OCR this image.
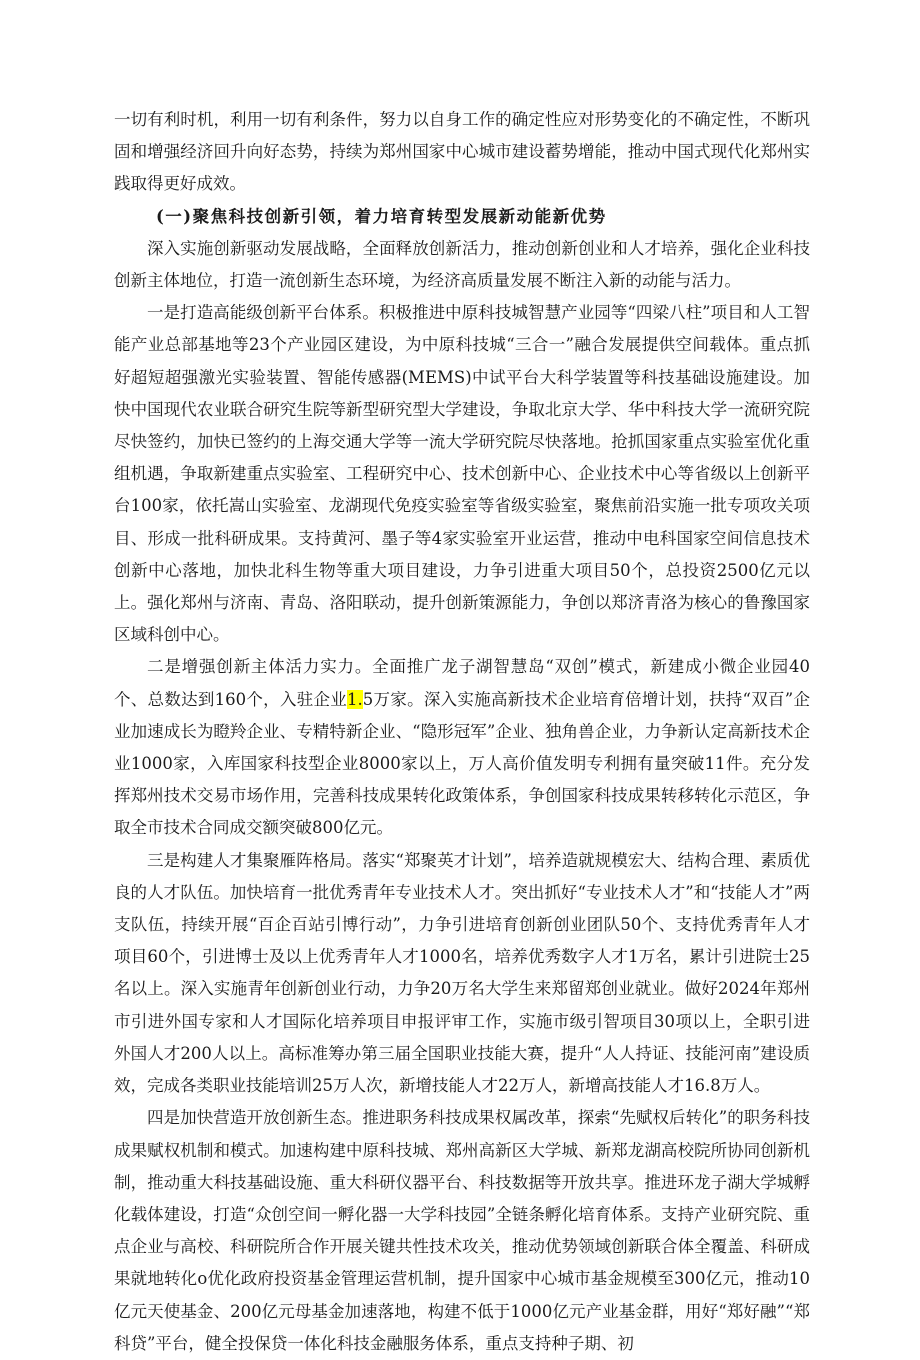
一切有利时机，利用一切有利条件，努力以自身工作的确定性应对形势变化的不确定性，不断巩固和增强经济回升向好态势，持续为郑州国家中心城市建设蓄势增能，推动中国式现代化郑州实践取得更好成效。

(一)聚焦科技创新引领，着力培育转型发展新动能新优势

深入实施创新驱动发展战略，全面释放创新活力，推动创新创业和人才培养，强化企业科技创新主体地位，打造一流创新生态环境，为经济高质量发展不断注入新的动能与活力。

一是打造高能级创新平台体系。积极推进中原科技城智慧产业园等“四梁八柱”项目和人工智能产业总部基地等23个产业园区建设，为中原科技城“三合一”融合发展提供空间载体。重点抓好超短超强激光实验装置、智能传感器(MEMS)中试平台大科学装置等科技基础设施建设。加快中国现代农业联合研究生院等新型研究型大学建设，争取北京大学、华中科技大学一流研究院尽快签约，加快已签约的上海交通大学等一流大学研究院尽快落地。抢抓国家重点实验室优化重组机遇，争取新建重点实验室、工程研究中心、技术创新中心、企业技术中心等省级以上创新平台100家，依托嵩山实验室、龙湖现代免疫实验室等省级实验室，聚焦前沿实施一批专项攻关项目、形成一批科研成果。支持黄河、墨子等4家实验室开业运营，推动中电科国家空间信息技术创新中心落地，加快北科生物等重大项目建设，力争引进重大项目50个，总投资2500亿元以上。强化郑州与济南、青岛、洛阳联动，提升创新策源能力，争创以郑济青洛为核心的鲁豫国家区域科创中心。

二是增强创新主体活力实力。全面推广龙子湖智慧岛“双创”模式，新建成小微企业园40个、总数达到160个，入驻企业1.5万家。深入实施高新技术企业培育倍增计划，扶持“双百”企业加速成长为瞪羚企业、专精特新企业、“隐形冠军”企业、独角兽企业，力争新认定高新技术企业1000家，入库国家科技型企业8000家以上，万人高价值发明专利拥有量突破11件。充分发挥郑州技术交易市场作用，完善科技成果转化政策体系，争创国家科技成果转移转化示范区，争取全市技术合同成交额突破800亿元。

三是构建人才集聚雁阵格局。落实“郑聚英才计划”，培养造就规模宏大、结构合理、素质优良的人才队伍。加快培育一批优秀青年专业技术人才。突出抓好“专业技术人才”和“技能人才”两支队伍，持续开展“百企百站引博行动”，力争引进培育创新创业团队50个、支持优秀青年人才项目60个，引进博士及以上优秀青年人才1000名，培养优秀数字人才1万名，累计引进院士25名以上。深入实施青年创新创业行动，力争20万名大学生来郑留郑创业就业。做好2024年郑州市引进外国专家和人才国际化培养项目申报评审工作，实施市级引智项目30项以上，全职引进外国人才200人以上。高标准筹办第三届全国职业技能大赛，提升“人人持证、技能河南”建设质效，完成各类职业技能培训25万人次，新增技能人才22万人，新增高技能人才16.8万人。

四是加快营造开放创新生态。推进职务科技成果权属改革，探索“先赋权后转化”的职务科技成果赋权机制和模式。加速构建中原科技城、郑州高新区大学城、新郑龙湖高校院所协同创新机制，推动重大科技基础设施、重大科研仪器平台、科技数据等开放共享。推进环龙子湖大学城孵化载体建设，打造“众创空间一孵化器一大学科技园”全链条孵化培育体系。支持产业研究院、重点企业与高校、科研院所合作开展关键共性技术攻关，推动优势领域创新联合体全覆盖、科研成果就地转化o优化政府投资基金管理运营机制，提升国家中心城市基金规模至300亿元，推动10亿元天使基金、200亿元母基金加速落地，构建不低于1000亿元产业基金群，用好“郑好融”“郑科贷”平台，健全投保贷一体化科技金融服务体系，重点支持种子期、初
